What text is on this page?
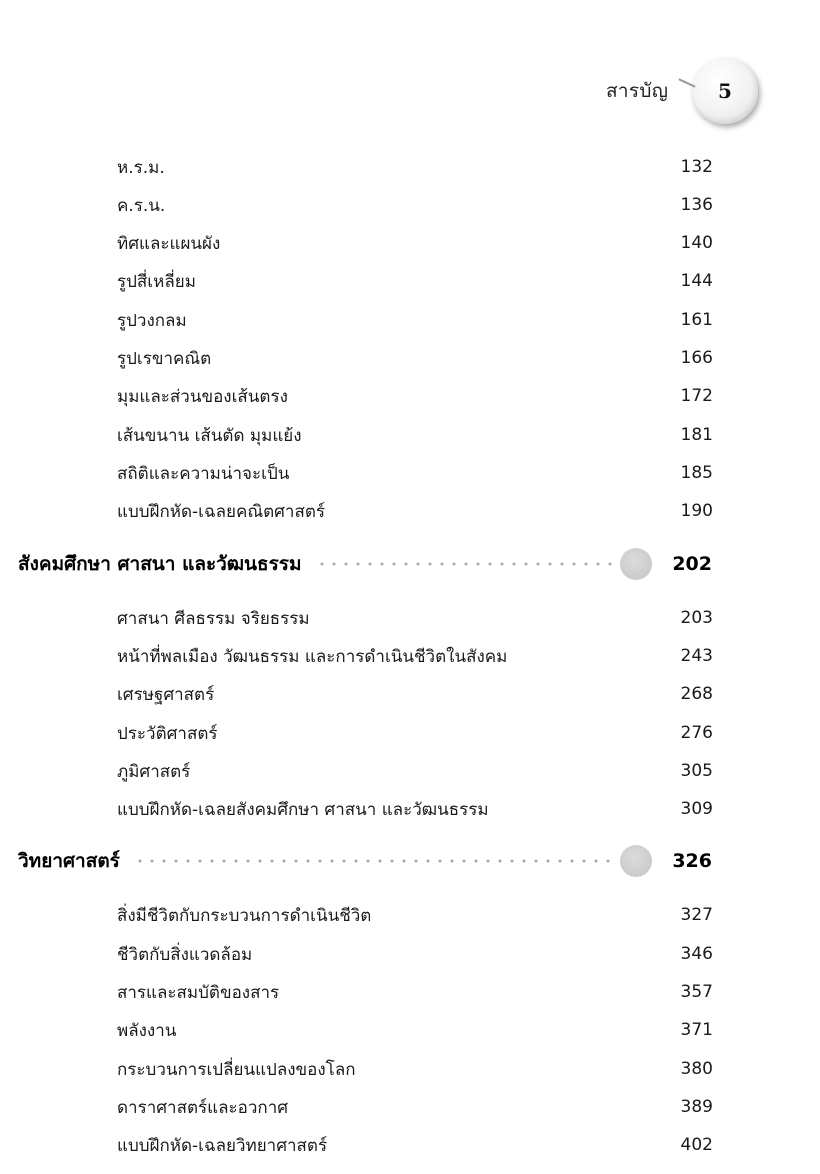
สารบัญ	5
ห.ร.ม.	132
ค.ร.น.	136
ทิศและแผนผัง	140
รูปสี่เหลี่ยม	144
รูปวงกลม	161
รูปเรขาคณิต	166
มุมและส่วนของเส้นตรง	172
เส้นขนาน เส้นตัด มุมแย้ง	181
สถิติและความน่าจะเป็น	185
แบบฝึกหัด-เฉลยคณิตศาสตร์	190
สังคมศึกษา ศาสนา และวัฒนธรรม	202
ศาสนา ศีลธรรม จริยธรรม	203
หน้าที่พลเมือง วัฒนธรรม และการดำเนินชีวิตในสังคม	243
เศรษฐศาสตร์	268
ประวัติศาสตร์	276
ภูมิศาสตร์	305
แบบฝึกหัด-เฉลยสังคมศึกษา ศาสนา และวัฒนธรรม	309
วิทยาศาสตร์	326
สิ่งมีชีวิตกับกระบวนการดำเนินชีวิต	327
ชีวิตกับสิ่งแวดล้อม	346
สารและสมบัติของสาร	357
พลังงาน	371
กระบวนการเปลี่ยนแปลงของโลก	380
ดาราศาสตร์และอวกาศ	389
แบบฝึกหัด-เฉลยวิทยาศาสตร์	402
